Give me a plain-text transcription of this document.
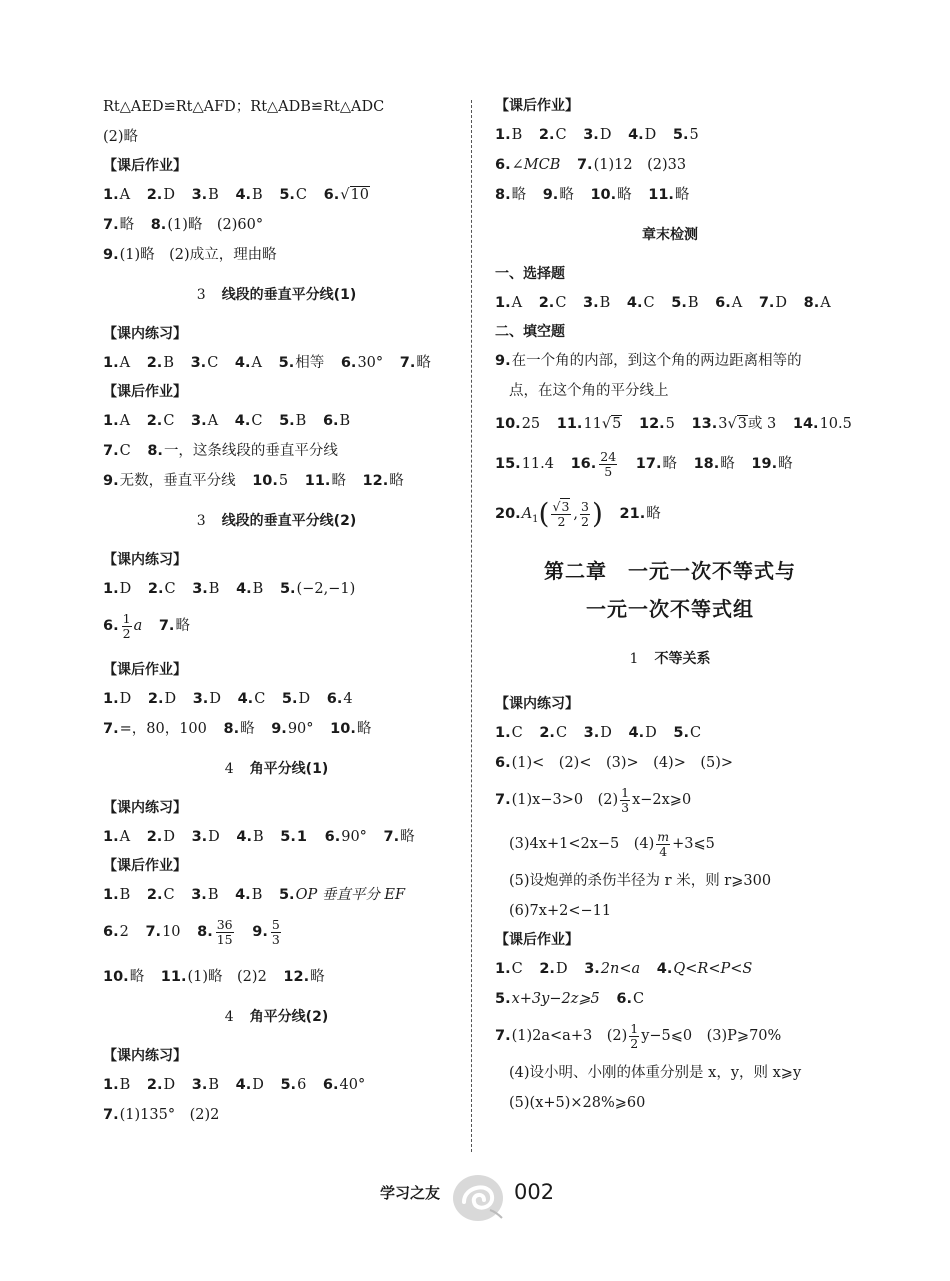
Rt△AED≌Rt△AFD；Rt△ADB≌Rt△ADC
(2)略
【课后作业】
1.A 2.D 3.B 4.B 5.C 6.√10
7.略 8.(1)略　(2)60°
9.(1)略　(2)成立，理由略
3 线段的垂直平分线(1)
【课内练习】
1.A 2.B 3.C 4.A 5.相等 6.30° 7.略
【课后作业】
1.A 2.C 3.A 4.C 5.B 6.B
7.C 8.一，这条线段的垂直平分线
9.无数，垂直平分线 10.5 11.略 12.略
3 线段的垂直平分线(2)
【课内练习】
1.D 2.C 3.B 4.B 5.(−2,−1)
6. $\frac{1}{2}$ a 7.略
【课后作业】
1.D 2.D 3.D 4.C 5.D 6.4
7.=，80，100 8.略 9.90° 10.略
4 角平分线(1)
【课内练习】
1.A 2.D 3.D 4.B 5.1 6.90° 7.略
【课后作业】
1.B 2.C 3.B 4.B 5.OP 垂直平分 EF
6.2 7.10 8. $\frac{36}{15} 9$. $\frac{5}{3}$
10.略 11.(1)略　(2)2 12.略
4 角平分线(2)
【课内练习】
1.B 2.D 3.B 4.D 5.6 6.40°
7.(1)135°　(2)2
【课后作业】
1.B 2.C 3.D 4.D 5.5
6.∠MCB 7.(1)12　(2)33
8.略 9.略 10.略 11.略
章末检测
一、选择题
1.A 2.C 3.B 4.C 5.B 6.A 7.D 8.A
二、填空题
9.在一个角的内部，到这个角的两边距离相等的
点，在这个角的平分线上
10.25 11.11√5 12.5 13.3√3或 3 14.10.5
15.11.4 16. $\frac{24}{5} 17$.略 18.略 19.略
$20.A_1( \frac{√3}{2}$ , $\frac{3}{2}$ ) 21.略
第二章　一元一次不等式与
一元一次不等式组
1 不等关系
【课内练习】
1.C 2.C 3.D 4.D 5.C
6.(1)<　(2)<　(3)>　(4)>　(5)>
7.(1)x−3>0　$(2) \frac{1}{3}$ x−2x⩾0
(3)4x+1<2x−5　$(4) \frac{m}{4}$ +3⩽5
(5)设炮弹的杀伤半径为 r 米，则 r⩾300
(6)7x+2<−11
【课后作业】
1.C 2.D 3.2n<a 4.Q<R<P<S
5.x+3y−2z⩾5 6.C
7.(1)2a<a+3　$(2) \frac{1}{2}$ y−5⩽0　(3)P⩾70%
(4)设小明、小刚的体重分别是 x，y，则 x⩾y
(5)(x+5)×28%⩾60
学习之友	002
